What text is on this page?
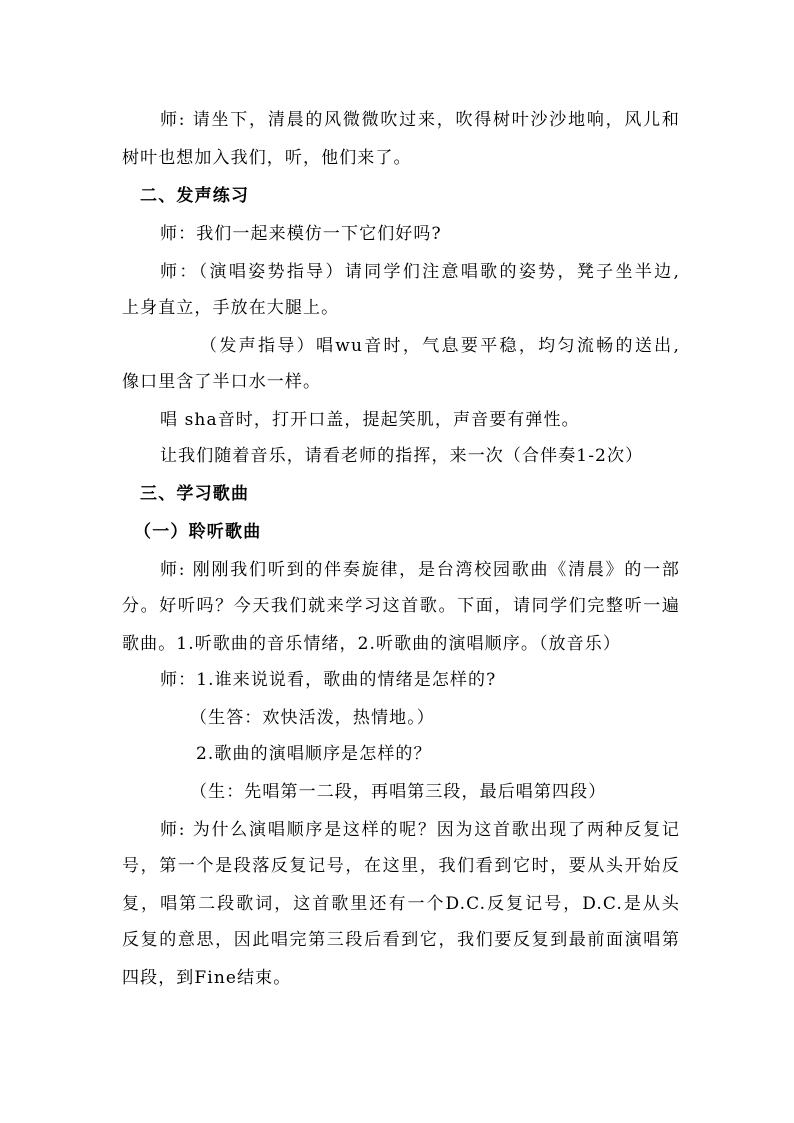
师: 请坐下，清晨的风微微吹过来，吹得树叶沙沙地响，风儿和
树叶也想加入我们，听，他们来了。
二、发声练习
师：我们一起来模仿一下它们好吗?
师：（演唱姿势指导）请同学们注意唱歌的姿势，凳子坐半边,
上身直立，手放在大腿上。
（发声指导）唱wu音时，气息要平稳，均匀流畅的送出,
像口里含了半口水一样。
唱 sha音时，打开口盖，提起笑肌，声音要有弹性。
让我们随着音乐，请看老师的指挥，来一次（合伴奏1-2次）
三、学习歌曲
（一）聆听歌曲
师: 刚刚我们听到的伴奏旋律，是台湾校园歌曲《清晨》的一部
分。好听吗？今天我们就来学习这首歌。下面，请同学们完整听一遍
歌曲。1.听歌曲的音乐情绪，2.听歌曲的演唱顺序。（放音乐）
师：1.谁来说说看，歌曲的情绪是怎样的?
（生答：欢快活泼，热情地。）
2.歌曲的演唱顺序是怎样的？
（生：先唱第一二段，再唱第三段，最后唱第四段）
师: 为什么演唱顺序是这样的呢？因为这首歌出现了两种反复记
号，第一个是段落反复记号，在这里，我们看到它时，要从头开始反
复，唱第二段歌词，这首歌里还有一个D.C.反复记号，D.C.是从头
反复的意思，因此唱完第三段后看到它，我们要反复到最前面演唱第
四段，到Fine结束。
